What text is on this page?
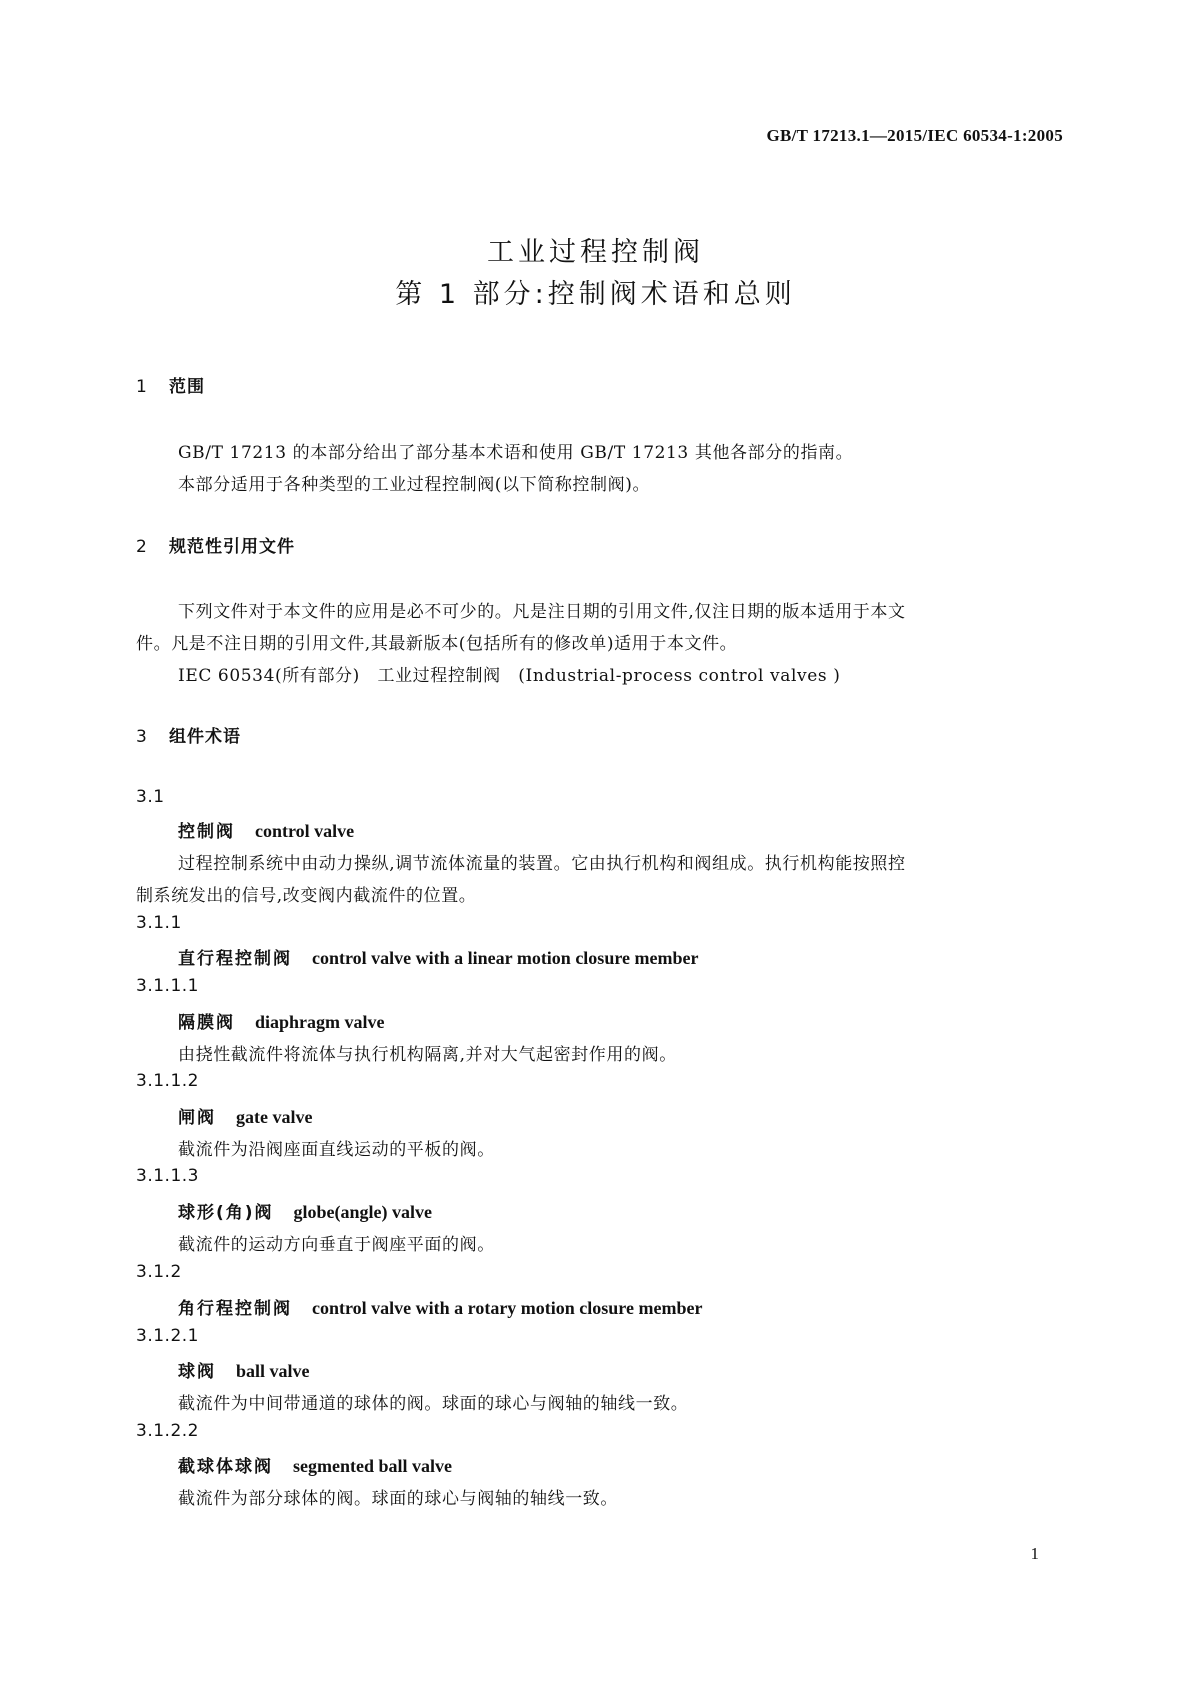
GB/T 17213.1—2015/IEC 60534-1:2005
工业过程控制阀
第 1 部分:控制阀术语和总则
1 范围
GB/T 17213 的本部分给出了部分基本术语和使用 GB/T 17213 其他各部分的指南。
本部分适用于各种类型的工业过程控制阀(以下简称控制阀)。
2 规范性引用文件
下列文件对于本文件的应用是必不可少的。凡是注日期的引用文件,仅注日期的版本适用于本文
件。凡是不注日期的引用文件,其最新版本(包括所有的修改单)适用于本文件。
IEC 60534(所有部分)　工业过程控制阀　(Industrial-process control valves )
3 组件术语
3.1
控制阀 control valve
过程控制系统中由动力操纵,调节流体流量的装置。它由执行机构和阀组成。执行机构能按照控
制系统发出的信号,改变阀内截流件的位置。
3.1.1
直行程控制阀 control valve with a linear motion closure member
3.1.1.1
隔膜阀 diaphragm valve
由挠性截流件将流体与执行机构隔离,并对大气起密封作用的阀。
3.1.1.2
闸阀 gate valve
截流件为沿阀座面直线运动的平板的阀。
3.1.1.3
球形(角)阀 globe(angle) valve
截流件的运动方向垂直于阀座平面的阀。
3.1.2
角行程控制阀 control valve with a rotary motion closure member
3.1.2.1
球阀 ball valve
截流件为中间带通道的球体的阀。球面的球心与阀轴的轴线一致。
3.1.2.2
截球体球阀 segmented ball valve
截流件为部分球体的阀。球面的球心与阀轴的轴线一致。
1
